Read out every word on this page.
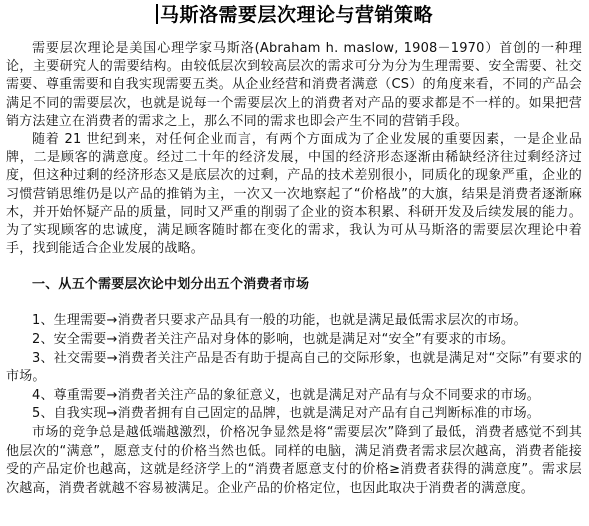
马斯洛需要层次理论与营销策略

需要层次理论是美国心理学家马斯洛(Abraham h. maslow, 1908－1970）首创的一种理论，主要研究人的需要结构。由较低层次到较高层次的需求可分为分为生理需要、安全需要、社交需要、尊重需要和自我实现需要五类。从企业经营和消费者满意（CS）的角度来看，不同的产品会满足不同的需要层次，也就是说每一个需要层次上的消费者对产品的要求都是不一样的。如果把营销方法建立在消费者的需求之上，那么不同的需求也即会产生不同的营销手段。

随着 21 世纪到来，对任何企业而言，有两个方面成为了企业发展的重要因素，一是企业品牌，二是顾客的满意度。经过二十年的经济发展，中国的经济形态逐渐由稀缺经济往过剩经济过度，但这种过剩的经济形态又是底层次的过剩，产品的技术差别很小，同质化的现象严重，企业的习惯营销思维仍是以产品的推销为主，一次又一次地察起了“价格战”的大旗，结果是消费者逐渐麻木，并开始怀疑产品的质量，同时又严重的削弱了企业的资本积累、科研开发及后续发展的能力。为了实现顾客的忠诚度，满足顾客随时都在变化的需求，我认为可从马斯洛的需要层次理论中着手，找到能适合企业发展的战略。

一、从五个需要层次论中划分出五个消费者市场

1、生理需要→消费者只要求产品具有一般的功能，也就是满足最低需求层次的市场。

2、安全需要→消费者关注产品对身体的影响，也就是满足对“安全”有要求的市场。

3、社交需要→消费者关注产品是否有助于提高自己的交际形象，也就是满足对“交际”有要求的市场。

4、尊重需要→消费者关注产品的象征意义，也就是满足对产品有与众不同要求的市场。

5、自我实现→消费者拥有自己固定的品牌，也就是满足对产品有自己判断标准的市场。

市场的竞争总是越低端越激烈，价格况争显然是将“需要层次”降到了最低，消费者感觉不到其他层次的“满意”，愿意支付的价格当然也低。同样的电脑，满足消费者需求层次越高，消费者能接受的产品定价也越高，这就是经济学上的“消费者愿意支付的价格≥消费者获得的满意度”。需求层次越高，消费者就越不容易被满足。企业产品的价格定位，也因此取决于消费者的满意度。
